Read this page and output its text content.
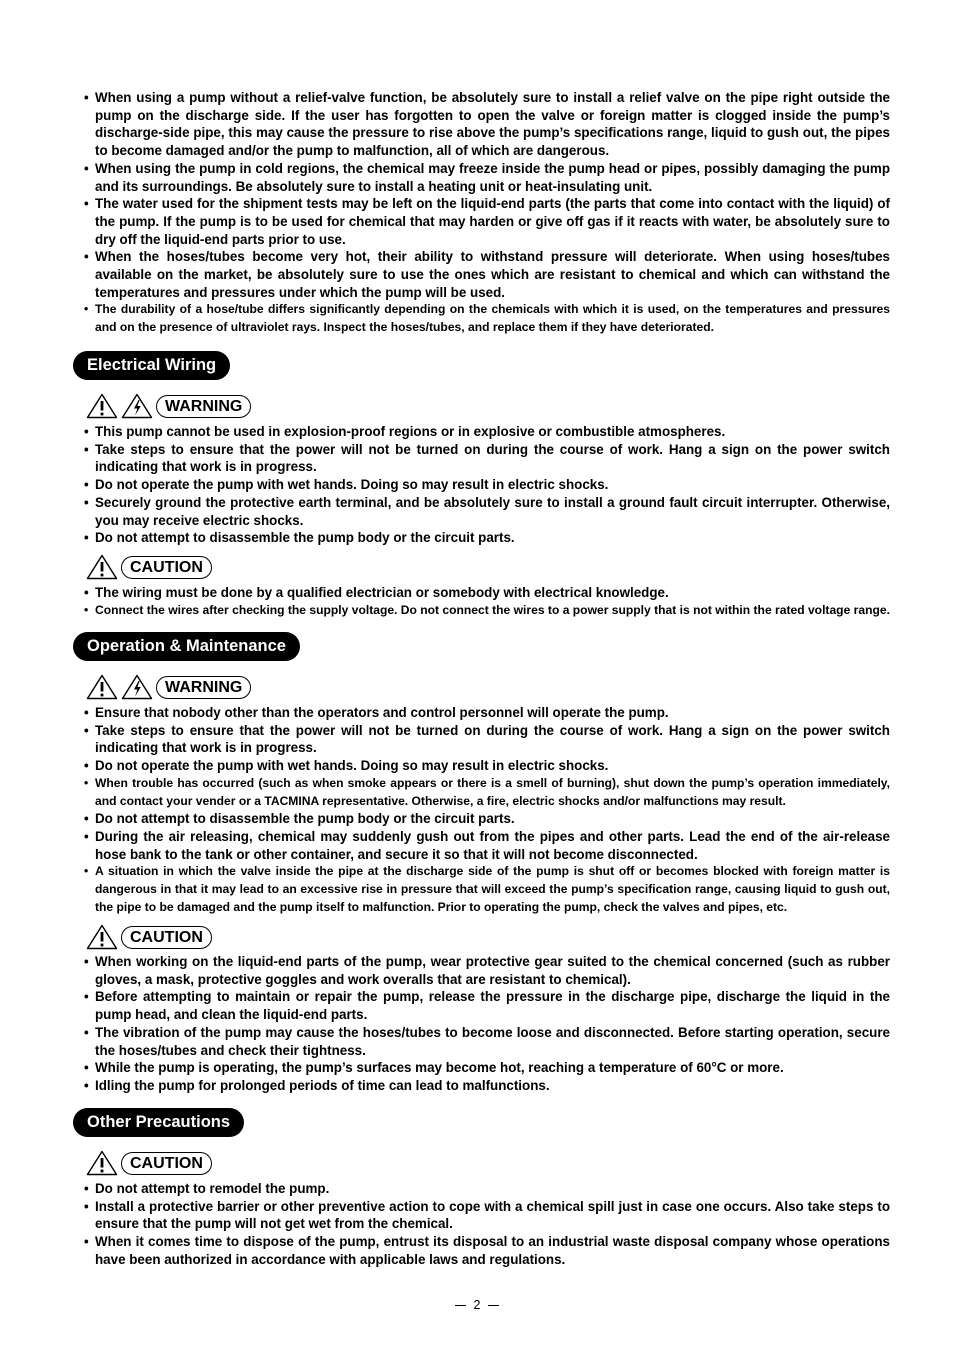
• When using a pump without a relief-valve function, be absolutely sure to install a relief valve on the pipe right outside the pump on the discharge side. If the user has forgotten to open the valve or foreign matter is clogged inside the pump’s discharge-side pipe, this may cause the pressure to rise above the pump’s specifications range, liquid to gush out, the pipes to become damaged and/or the pump to malfunction, all of which are dangerous.
• When using the pump in cold regions, the chemical may freeze inside the pump head or pipes, possibly damaging the pump and its surroundings. Be absolutely sure to install a heating unit or heat-insulating unit.
• The water used for the shipment tests may be left on the liquid-end parts (the parts that come into contact with the liquid) of the pump. If the pump is to be used for chemical that may harden or give off gas if it reacts with water, be absolutely sure to dry off the liquid-end parts prior to use.
• When the hoses/tubes become very hot, their ability to withstand pressure will deteriorate. When using hoses/tubes available on the market, be absolutely sure to use the ones which are resistant to chemical and which can withstand the temperatures and pressures under which the pump will be used.
• The durability of a hose/tube differs significantly depending on the chemicals with which it is used, on the temperatures and pressures and on the presence of ultraviolet rays. Inspect the hoses/tubes, and replace them if they have deteriorated.
Electrical Wiring
WARNING
• This pump cannot be used in explosion-proof regions or in explosive or combustible atmospheres.
• Take steps to ensure that the power will not be turned on during the course of work. Hang a sign on the power switch indicating that work is in progress.
• Do not operate the pump with wet hands. Doing so may result in electric shocks.
• Securely ground the protective earth terminal, and be absolutely sure to install a ground fault circuit interrupter. Otherwise, you may receive electric shocks.
• Do not attempt to disassemble the pump body or the circuit parts.
CAUTION
• The wiring must be done by a qualified electrician or somebody with electrical knowledge.
• Connect the wires after checking the supply voltage. Do not connect the wires to a power supply that is not within the rated voltage range.
Operation & Maintenance
WARNING
• Ensure that nobody other than the operators and control personnel will operate the pump.
• Take steps to ensure that the power will not be turned on during the course of work. Hang a sign on the power switch indicating that work is in progress.
• Do not operate the pump with wet hands. Doing so may result in electric shocks.
• When trouble has occurred (such as when smoke appears or there is a smell of burning), shut down the pump’s operation immediately, and contact your vender or a TACMINA representative. Otherwise, a fire, electric shocks and/or malfunctions may result.
• Do not attempt to disassemble the pump body or the circuit parts.
• During the air releasing, chemical may suddenly gush out from the pipes and other parts. Lead the end of the air-release hose bank to the tank or other container, and secure it so that it will not become disconnected.
• A situation in which the valve inside the pipe at the discharge side of the pump is shut off or becomes blocked with foreign matter is dangerous in that it may lead to an excessive rise in pressure that will exceed the pump’s specification range, causing liquid to gush out, the pipe to be damaged and the pump itself to malfunction. Prior to operating the pump, check the valves and pipes, etc.
CAUTION
• When working on the liquid-end parts of the pump, wear protective gear suited to the chemical concerned (such as rubber gloves, a mask, protective goggles and work overalls that are resistant to chemical).
• Before attempting to maintain or repair the pump, release the pressure in the discharge pipe, discharge the liquid in the pump head, and clean the liquid-end parts.
• The vibration of the pump may cause the hoses/tubes to become loose and disconnected. Before starting operation, secure the hoses/tubes and check their tightness.
• While the pump is operating, the pump’s surfaces may become hot, reaching a temperature of 60°C or more.
• Idling the pump for prolonged periods of time can lead to malfunctions.
Other Precautions
CAUTION
• Do not attempt to remodel the pump.
• Install a protective barrier or other preventive action to cope with a chemical spill just in case one occurs. Also take steps to ensure that the pump will not get wet from the chemical.
• When it comes time to dispose of the pump, entrust its disposal to an industrial waste disposal company whose operations have been authorized in accordance with applicable laws and regulations.
2
